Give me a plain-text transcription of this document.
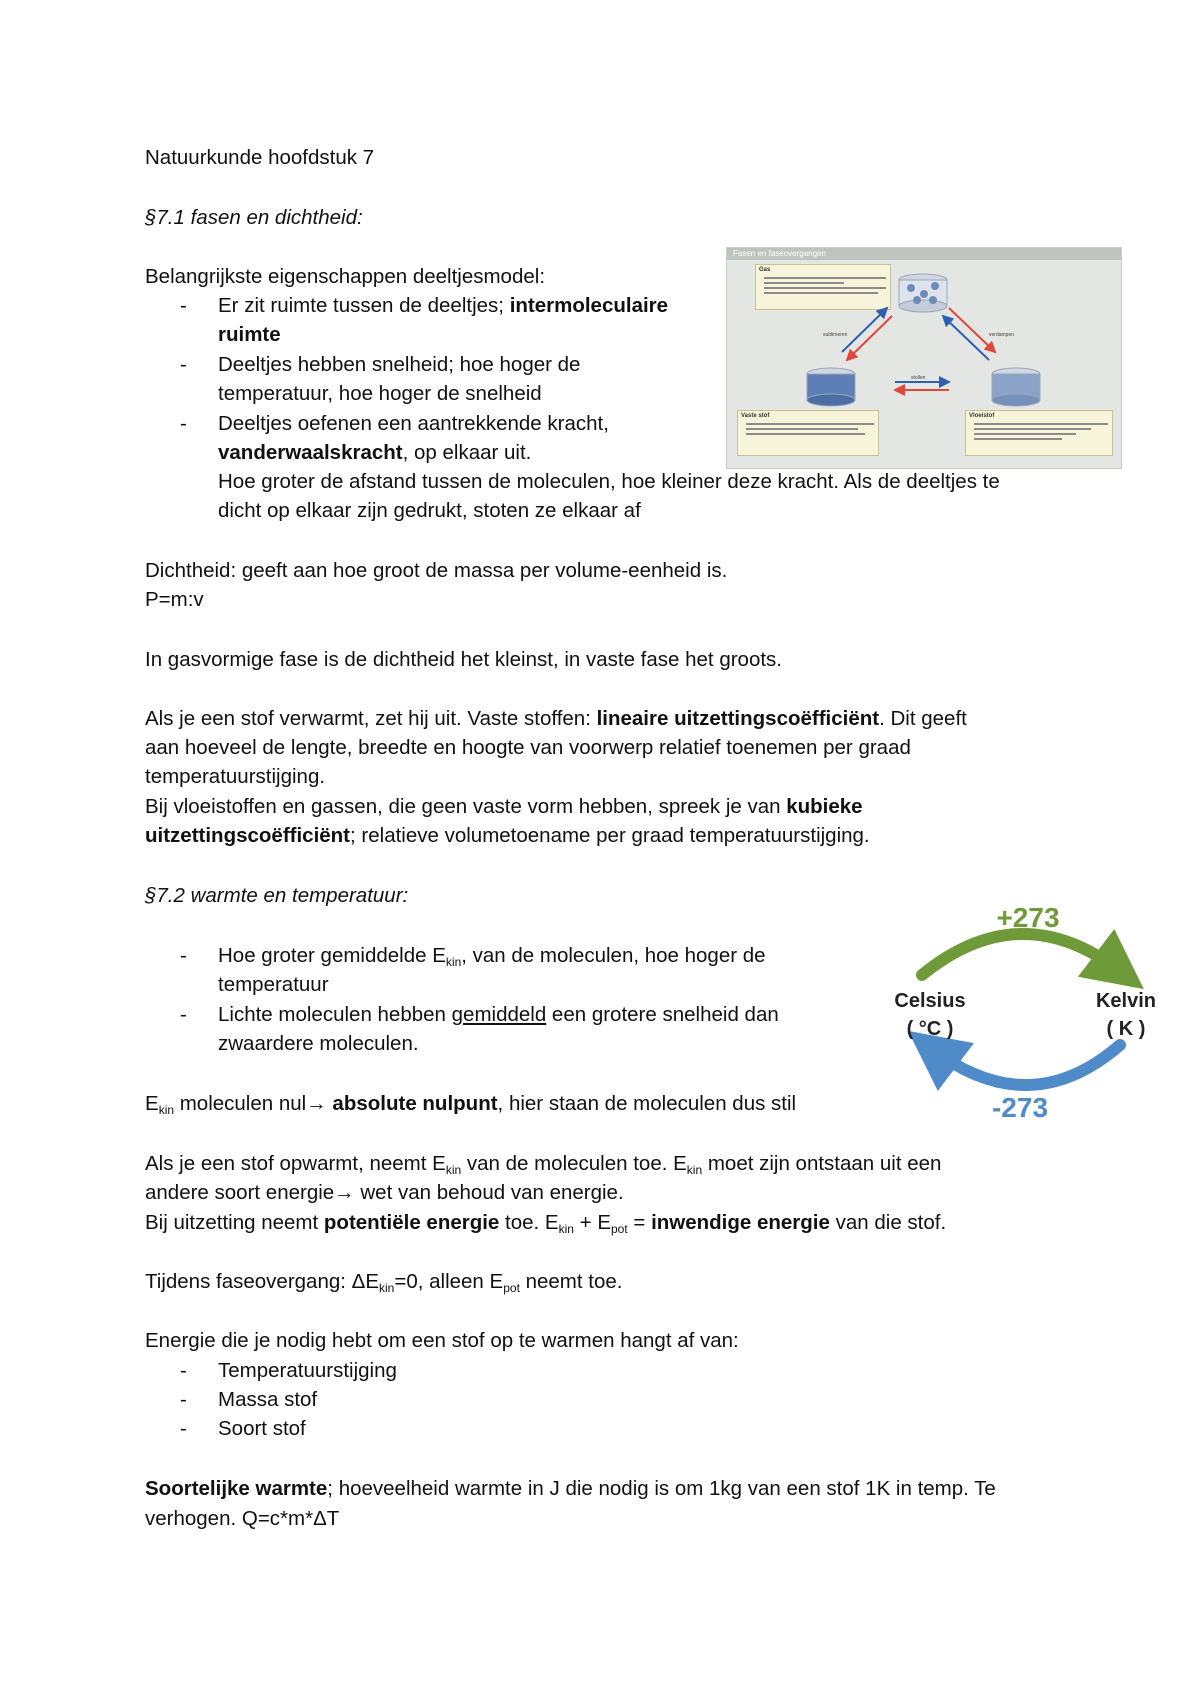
Natuurkunde hoofdstuk 7
§7.1 fasen en dichtheid:
Belangrijkste eigenschappen deeltjesmodel:
- Er zit ruimte tussen de deeltjes; intermoleculaire
ruimte
- Deeltjes hebben snelheid; hoe hoger de
temperatuur, hoe hoger de snelheid
- Deeltjes oefenen een aantrekkende kracht,
vanderwaalskracht, op elkaar uit.
Hoe groter de afstand tussen de moleculen, hoe kleiner deze kracht. Als de deeltjes te
dicht op elkaar zijn gedrukt, stoten ze elkaar af
Dichtheid: geeft aan hoe groot de massa per volume-eenheid is.
P=m:v
In gasvormige fase is de dichtheid het kleinst, in vaste fase het groots.
Als je een stof verwarmt, zet hij uit. Vaste stoffen: lineaire uitzettingscoëfficiënt. Dit geeft
aan hoeveel de lengte, breedte en hoogte van voorwerp relatief toenemen per graad
temperatuurstijging.
Bij vloeistoffen en gassen, die geen vaste vorm hebben, spreek je van kubieke
uitzettingscoëfficiënt; relatieve volumetoename per graad temperatuurstijging.
§7.2 warmte en temperatuur:
- Hoe groter gemiddelde $E_{kin}$, van de moleculen, hoe hoger de
temperatuur
- Lichte moleculen hebben gemiddeld een grotere snelheid dan
zwaardere moleculen.
$E_{kin}$ moleculen nul→ absolute nulpunt, hier staan de moleculen dus stil
Als je een stof opwarmt, neemt $E_{kin}$ van de moleculen toe. $E_{kin}$ moet zijn ontstaan uit een
andere soort energie→ wet van behoud van energie.
Bij uitzetting neemt potentiële energie toe. $E_{kin} + E_{pot}$ = inwendige energie van die stof.
Tijdens faseovergang: $\Delta E_{kin}=0$, alleen $E_{pot}$ neemt toe.
Energie die je nodig hebt om een stof op te warmen hangt af van:
- Temperatuurstijging
- Massa stof
- Soort stof
Soortelijke warmte; hoeveelheid warmte in J die nodig is om 1kg van een stof 1K in temp. Te
verhogen. Q=c*m*ΔT
Fasen en faseovergangen
Gas
Vaste stof	Vloeistof
sublimeren	verdampen
stollen
+273
-273
Celsius
( °C )
Kelvin
( K )
